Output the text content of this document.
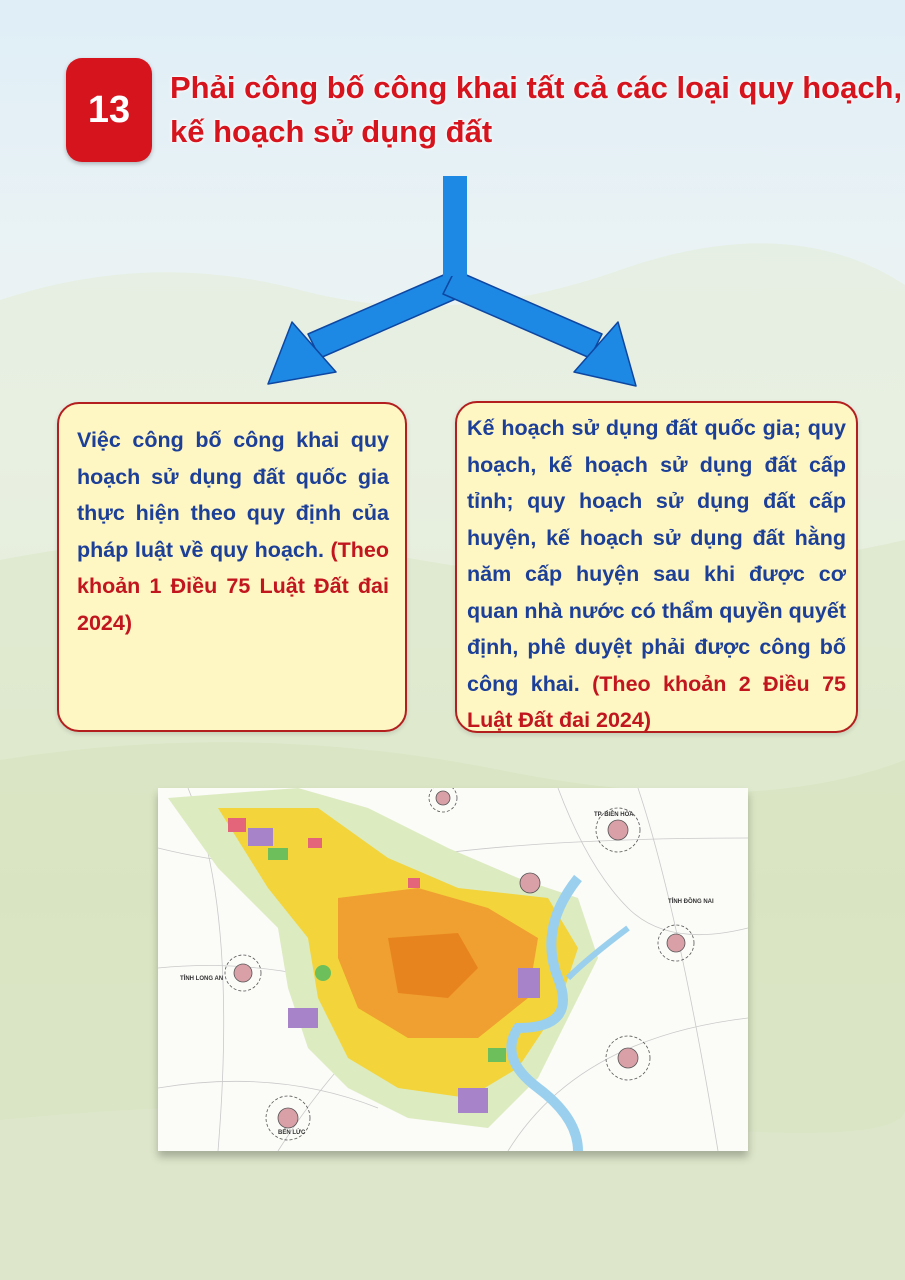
13
Phải công bố công khai tất cả các loại quy hoạch,
kế hoạch sử dụng đất
Việc công bố công khai quy hoạch sử dụng đất quốc gia thực hiện theo quy định của pháp luật về quy hoạch. (Theo khoản 1 Điều 75 Luật Đất đai 2024)
Kế hoạch sử dụng đất quốc gia; quy hoạch, kế hoạch sử dụng đất cấp tỉnh; quy hoạch sử dụng đất cấp huyện, kế hoạch sử dụng đất hằng năm cấp huyện sau khi được cơ quan nhà nước có thẩm quyền quyết định, phê duyệt phải được công bố công khai. (Theo khoản 2 Điều 75 Luật Đất đai 2024)
TP. BIÊN HÒA
TỈNH ĐỒNG NAI
TỈNH LONG AN
BẾN LỨC
